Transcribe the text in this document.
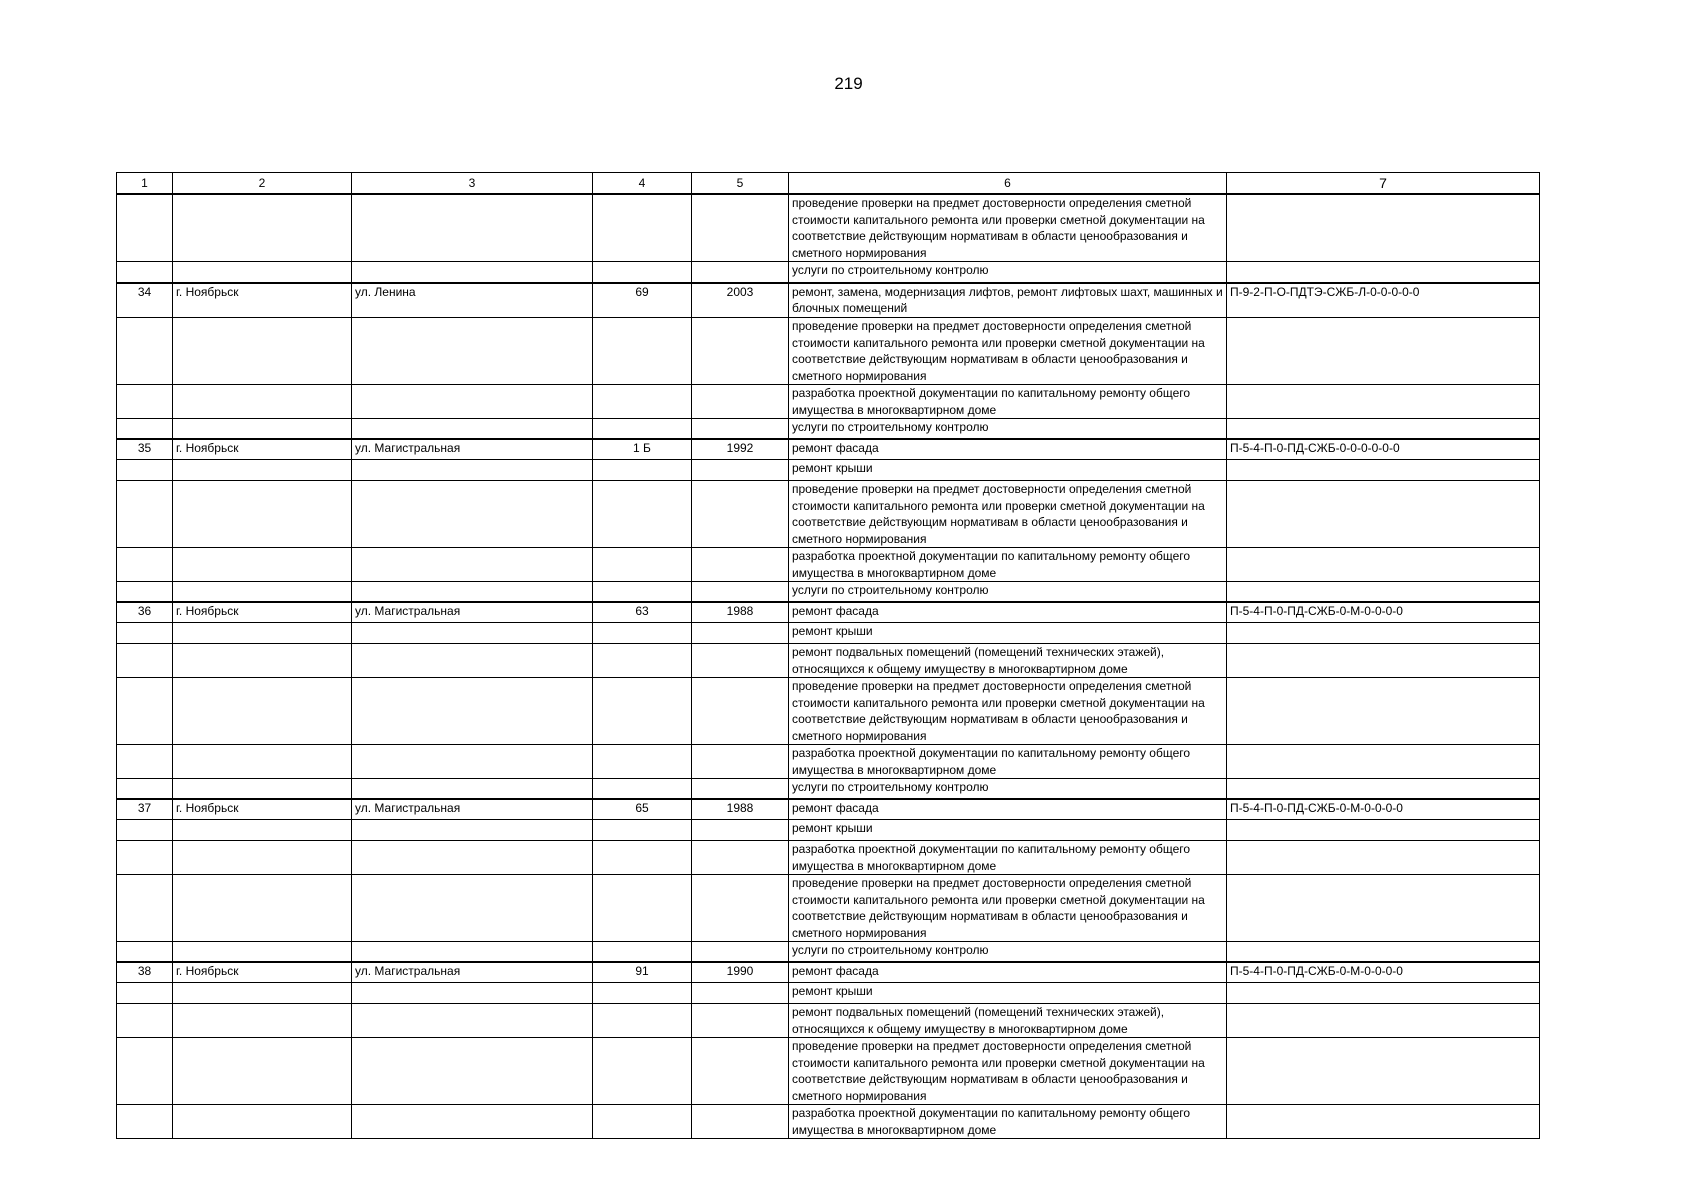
219
1	2	3	4	5	6	7
					проведение проверки на предмет достоверности определения сметной стоимости капитального ремонта или проверки сметной документации на соответствие действующим нормативам в области ценообразования и сметного нормирования	
					услуги по строительному контролю	
34	г. Ноябрьск	ул. Ленина	69	2003	ремонт, замена, модернизация лифтов, ремонт лифтовых шахт, машинных и блочных помещений	П-9-2-П-О-ПДТЭ-СЖБ-Л-0-0-0-0-0
					проведение проверки на предмет достоверности определения сметной стоимости капитального ремонта или проверки сметной документации на соответствие действующим нормативам в области ценообразования и сметного нормирования	
					разработка проектной документации по капитальному ремонту общего имущества в многоквартирном доме	
					услуги по строительному контролю	
35	г. Ноябрьск	ул. Магистральная	1 Б	1992	ремонт фасада	П-5-4-П-0-ПД-СЖБ-0-0-0-0-0-0
					ремонт крыши	
					проведение проверки на предмет достоверности определения сметной стоимости капитального ремонта или проверки сметной документации на соответствие действующим нормативам в области ценообразования и сметного нормирования	
					разработка проектной документации по капитальному ремонту общего имущества в многоквартирном доме	
					услуги по строительному контролю	
36	г. Ноябрьск	ул. Магистральная	63	1988	ремонт фасада	П-5-4-П-0-ПД-СЖБ-0-М-0-0-0-0
					ремонт крыши	
					ремонт подвальных помещений (помещений технических этажей), относящихся к общему имуществу в многоквартирном доме	
					проведение проверки на предмет достоверности определения сметной стоимости капитального ремонта или проверки сметной документации на соответствие действующим нормативам в области ценообразования и сметного нормирования	
					разработка проектной документации по капитальному ремонту общего имущества в многоквартирном доме	
					услуги по строительному контролю	
37	г. Ноябрьск	ул. Магистральная	65	1988	ремонт фасада	П-5-4-П-0-ПД-СЖБ-0-М-0-0-0-0
					ремонт крыши	
					разработка проектной документации по капитальному ремонту общего имущества в многоквартирном доме	
					проведение проверки на предмет достоверности определения сметной стоимости капитального ремонта или проверки сметной документации на соответствие действующим нормативам в области ценообразования и сметного нормирования	
					услуги по строительному контролю	
38	г. Ноябрьск	ул. Магистральная	91	1990	ремонт фасада	П-5-4-П-0-ПД-СЖБ-0-М-0-0-0-0
					ремонт крыши	
					ремонт подвальных помещений (помещений технических этажей), относящихся к общему имуществу в многоквартирном доме	
					проведение проверки на предмет достоверности определения сметной стоимости капитального ремонта или проверки сметной документации на соответствие действующим нормативам в области ценообразования и сметного нормирования	
					разработка проектной документации по капитальному ремонту общего имущества в многоквартирном доме	
